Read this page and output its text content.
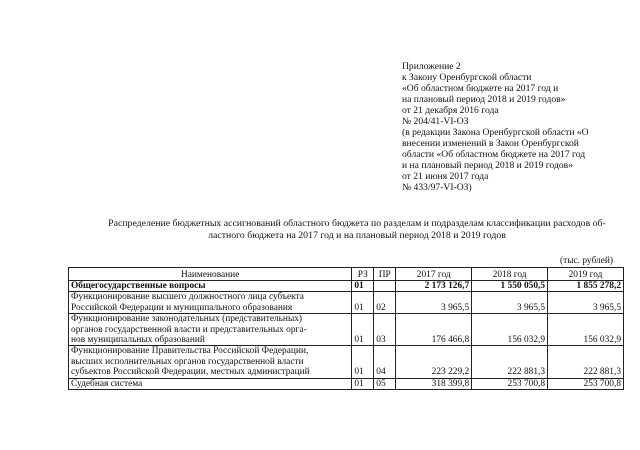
Приложение 2
к Закону Оренбургской области
«Об областном бюджете на 2017 год и
на плановый период 2018 и 2019 годов»
от 21 декабря 2016 года
№ 204/41-VI-ОЗ
(в редакции Закона Оренбургской области «О
внесении изменений в Закон Оренбургской
области «Об областном бюджете на 2017 год
и на плановый период 2018 и 2019 годов»
от 21 июня 2017 года
№ 433/97-VI-ОЗ)
Распределение бюджетных ассигнований областного бюджета по разделам и подразделам классификации расходов об-
ластного бюджета на 2017 год и на плановый период 2018 и 2019 годов
(тыс. рублей)
Наименование	РЗ	ПР	2017 год	2018 год	2019 год

Общегосударственные вопросы	01		2 173 126,7	1 550 050,5	1 855 278,2

Функционирование высшего должностного лица субъекта
Российской Федерации и муниципального образования	01	02	3 965,5	3 965,5	3 965,5

Функционирование законодательных (представительных)
органов государственной власти и представительных орга-
нов муниципальных образований	01	03	176 466,8	156 032,9	156 032,9

Функционирование Правительства Российской Федерации,
высших исполнительных органов государственной власти
субъектов Российской Федерации, местных администраций	01	04	223 229,2	222 881,3	222 881,3

Судебная система	01	05	318 399,8	253 700,8	253 700,8
